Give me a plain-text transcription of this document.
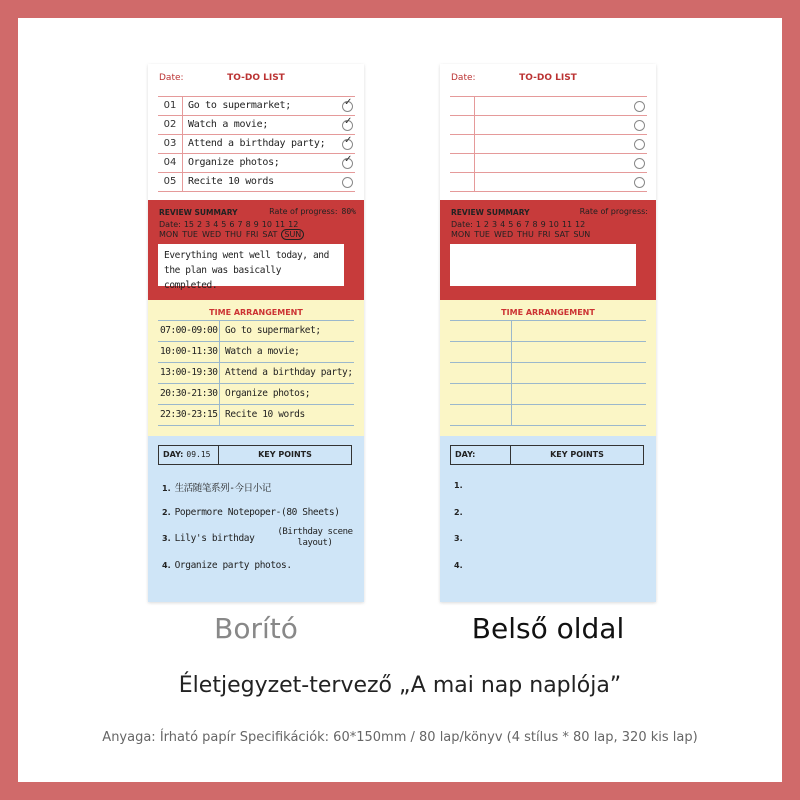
Date:	TO-DO LIST
01	Go to supermarket;
✓
02	Watch a movie;
✓
03	Attend a birthday party;
✓
04	Organize photos;
✓
05	Recite 10 words
REVIEW SUMMARY	Rate of progress: 80%
Date: 15 2 3 4 5 6 7 8 9 10 11 12
MON TUE WED THU FRI SAT SUN
Everything went well today, and
the plan was basically completed.
TIME ARRANGEMENT
07:00-09:00 Go to supermarket;
10:00-11:30 Watch a movie;
13:00-19:30 Attend a birthday party;
20:30-21:30 Organize photos;
22:30-23:15 Recite 10 words
DAY: 09.15	KEY POINTS
1. 生活随笔系列-今日小记
2. Popermore Notepoper-(80 Sheets)
3. Lily's birthday
(Birthday scene layout)
4. Organize party photos.
Date:	TO-DO LIST
REVIEW SUMMARY	Rate of progress:
Date: 1 2 3 4 5 6 7 8 9 10 11 12
MON TUE WED THU FRI SAT SUN
TIME ARRANGEMENT
DAY:	KEY POINTS
1.
2.
3.
4.
Borító	Belső oldal
Életjegyzet-tervező „A mai nap naplója”
Anyaga: Írható papír Specifikációk: 60*150mm / 80 lap/könyv (4 stílus * 80 lap, 320 kis lap)
